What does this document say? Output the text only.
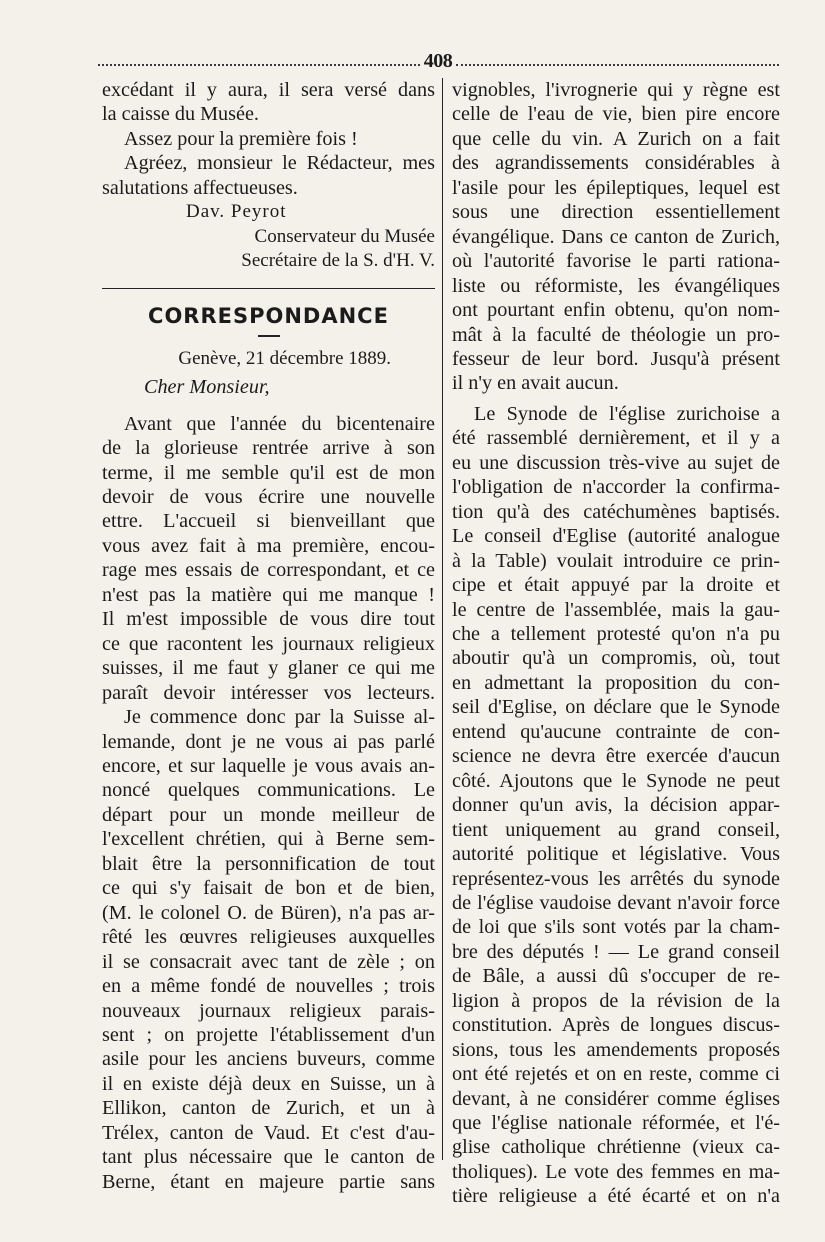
408
excédant il y aura, il sera versé dans
la caisse du Musée.
Assez pour la première fois !
Agréez, monsieur le Rédacteur, mes
salutations affectueuses.
Dav. Peyrot
Conservateur du Musée
Secrétaire de la S. d'H. V.
CORRESPONDANCE
Genève, 21 décembre 1889.
Cher Monsieur,
Avant que l'année du bicentenaire
de la glorieuse rentrée arrive à son
terme, il me semble qu'il est de mon
devoir de vous écrire une nouvelle
ettre. L'accueil si bienveillant que
vous avez fait à ma première, encou-
rage mes essais de correspondant, et ce
n'est pas la matière qui me manque !
Il m'est impossible de vous dire tout
ce que racontent les journaux religieux
suisses, il me faut y glaner ce qui me
paraît devoir intéresser vos lecteurs.
Je commence donc par la Suisse al-
lemande, dont je ne vous ai pas parlé
encore, et sur laquelle je vous avais an-
noncé quelques communications. Le
départ pour un monde meilleur de
l'excellent chrétien, qui à Berne sem-
blait être la personnification de tout
ce qui s'y faisait de bon et de bien,
(M. le colonel O. de Büren), n'a pas ar-
rêté les œuvres religieuses auxquelles
il se consacrait avec tant de zèle ; on
en a même fondé de nouvelles ; trois
nouveaux journaux religieux parais-
sent ; on projette l'établissement d'un
asile pour les anciens buveurs, comme
il en existe déjà deux en Suisse, un à
Ellikon, canton de Zurich, et un à
Trélex, canton de Vaud. Et c'est d'au-
tant plus nécessaire que le canton de
Berne, étant en majeure partie sans
vignobles, l'ivrognerie qui y règne est
celle de l'eau de vie, bien pire encore
que celle du vin. A Zurich on a fait
des agrandissements considérables à
l'asile pour les épileptiques, lequel est
sous une direction essentiellement
évangélique. Dans ce canton de Zurich,
où l'autorité favorise le parti rationa-
liste ou réformiste, les évangéliques
ont pourtant enfin obtenu, qu'on nom-
mât à la faculté de théologie un pro-
fesseur de leur bord. Jusqu'à présent
il n'y en avait aucun.
Le Synode de l'église zurichoise a
été rassemblé dernièrement, et il y a
eu une discussion très-vive au sujet de
l'obligation de n'accorder la confirma-
tion qu'à des catéchumènes baptisés.
Le conseil d'Eglise (autorité analogue
à la Table) voulait introduire ce prin-
cipe et était appuyé par la droite et
le centre de l'assemblée, mais la gau-
che a tellement protesté qu'on n'a pu
aboutir qu'à un compromis, où, tout
en admettant la proposition du con-
seil d'Eglise, on déclare que le Synode
entend qu'aucune contrainte de con-
science ne devra être exercée d'aucun
côté. Ajoutons que le Synode ne peut
donner qu'un avis, la décision appar-
tient uniquement au grand conseil,
autorité politique et législative. Vous
représentez-vous les arrêtés du synode
de l'église vaudoise devant n'avoir force
de loi que s'ils sont votés par la cham-
bre des députés ! — Le grand conseil
de Bâle, a aussi dû s'occuper de re-
ligion à propos de la révision de la
constitution. Après de longues discus-
sions, tous les amendements proposés
ont été rejetés et on en reste, comme ci
devant, à ne considérer comme églises
que l'église nationale réformée, et l'é-
glise catholique chrétienne (vieux ca-
tholiques). Le vote des femmes en ma-
tière religieuse a été écarté et on n'a
